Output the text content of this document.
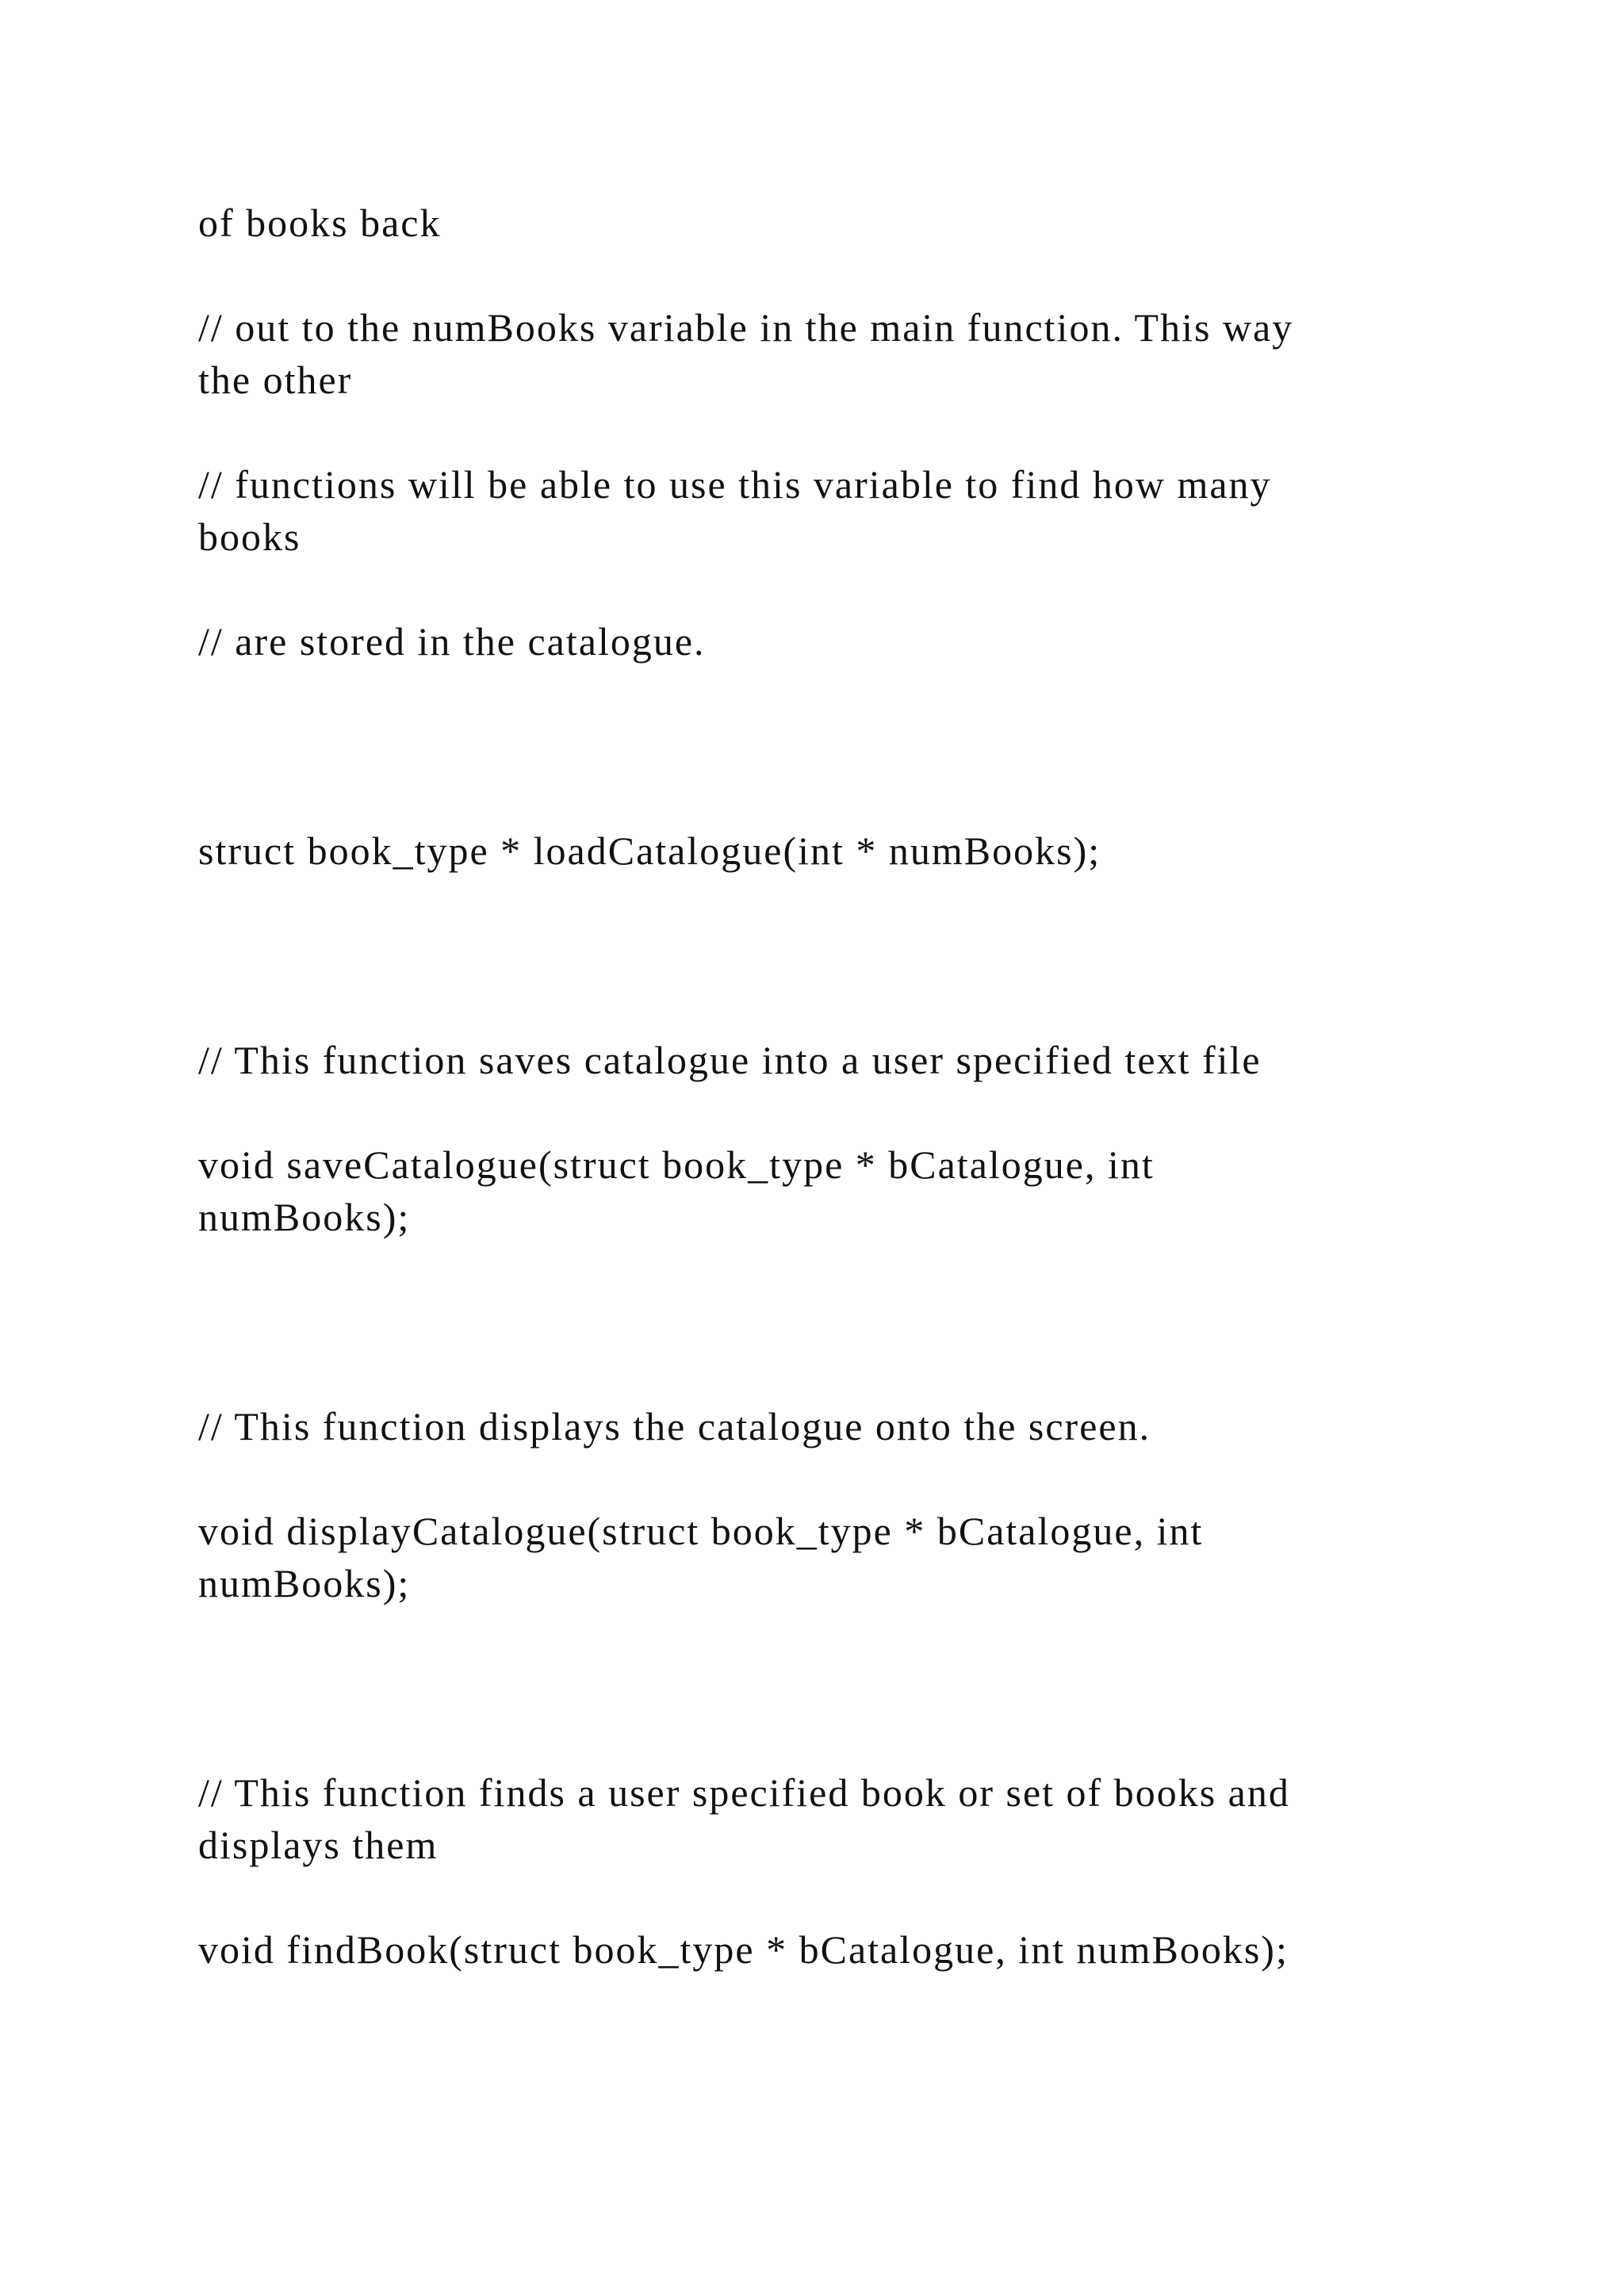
of books back
// out to the numBooks variable in the main function. This way
the other
// functions will be able to use this variable to find how many
books
// are stored in the catalogue.
struct book_type * loadCatalogue(int * numBooks);
// This function saves catalogue into a user specified text file
void saveCatalogue(struct book_type * bCatalogue, int
numBooks);
// This function displays the catalogue onto the screen.
void displayCatalogue(struct book_type * bCatalogue, int
numBooks);
// This function finds a user specified book or set of books and
displays them
void findBook(struct book_type * bCatalogue, int numBooks);
